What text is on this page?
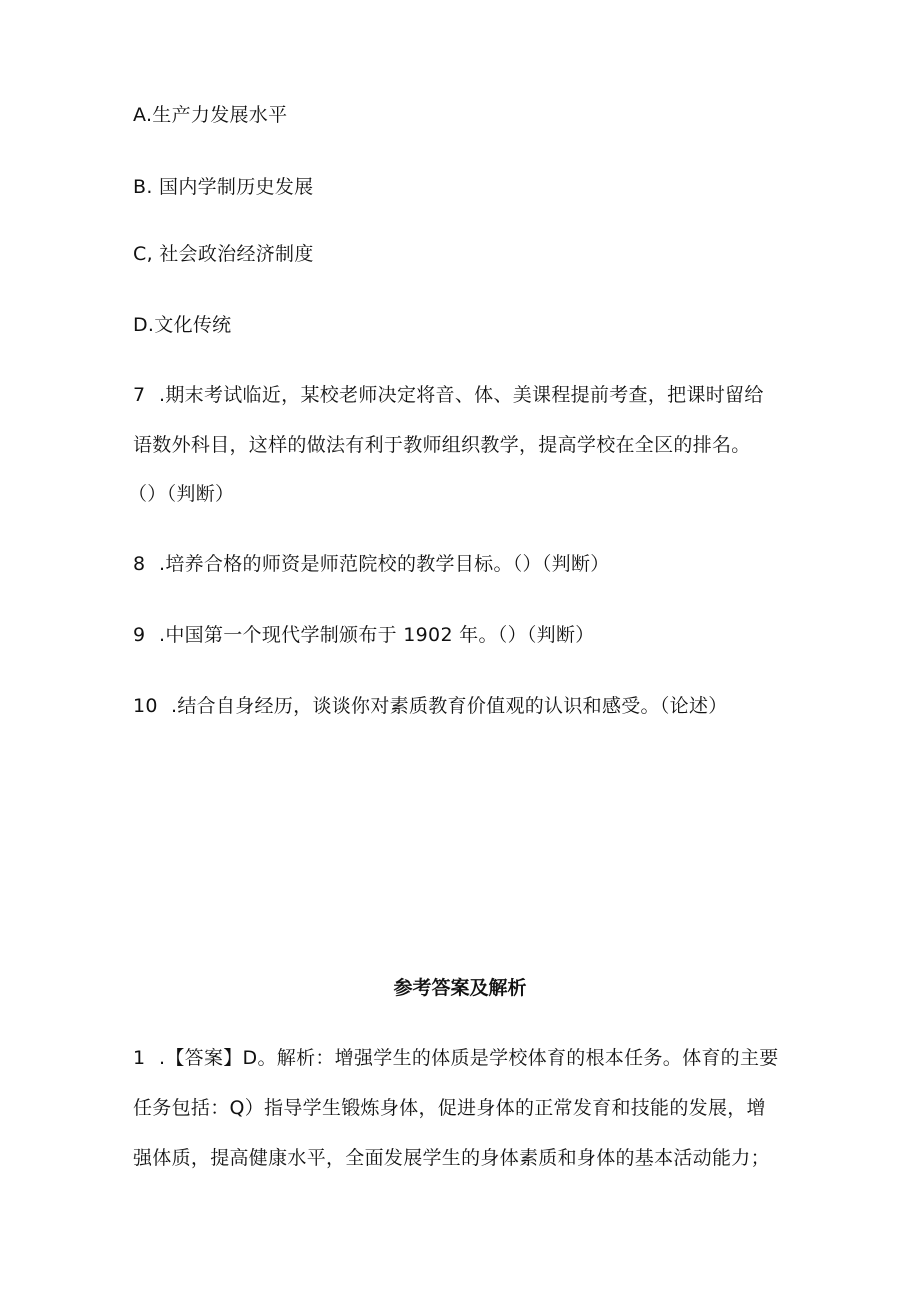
A.生产力发展水平
B. 国内学制历史发展
C, 社会政治经济制度
D.文化传统
7 .期末考试临近，某校老师决定将音、体、美课程提前考查，把课时留给
语数外科目，这样的做法有利于教师组织教学，提高学校在全区的排名。
（）（判断）
8 .培养合格的师资是师范院校的教学目标。（）（判断）
9 .中国第一个现代学制颁布于 1902 年。（）（判断）
10 .结合自身经历，谈谈你对素质教育价值观的认识和感受。（论述）
参考答案及解析
1 .【答案】D。解析：增强学生的体质是学校体育的根本任务。体育的主要
任务包括：Q）指导学生锻炼身体，促进身体的正常发育和技能的发展，增
强体质，提高健康水平，全面发展学生的身体素质和身体的基本活动能力；
